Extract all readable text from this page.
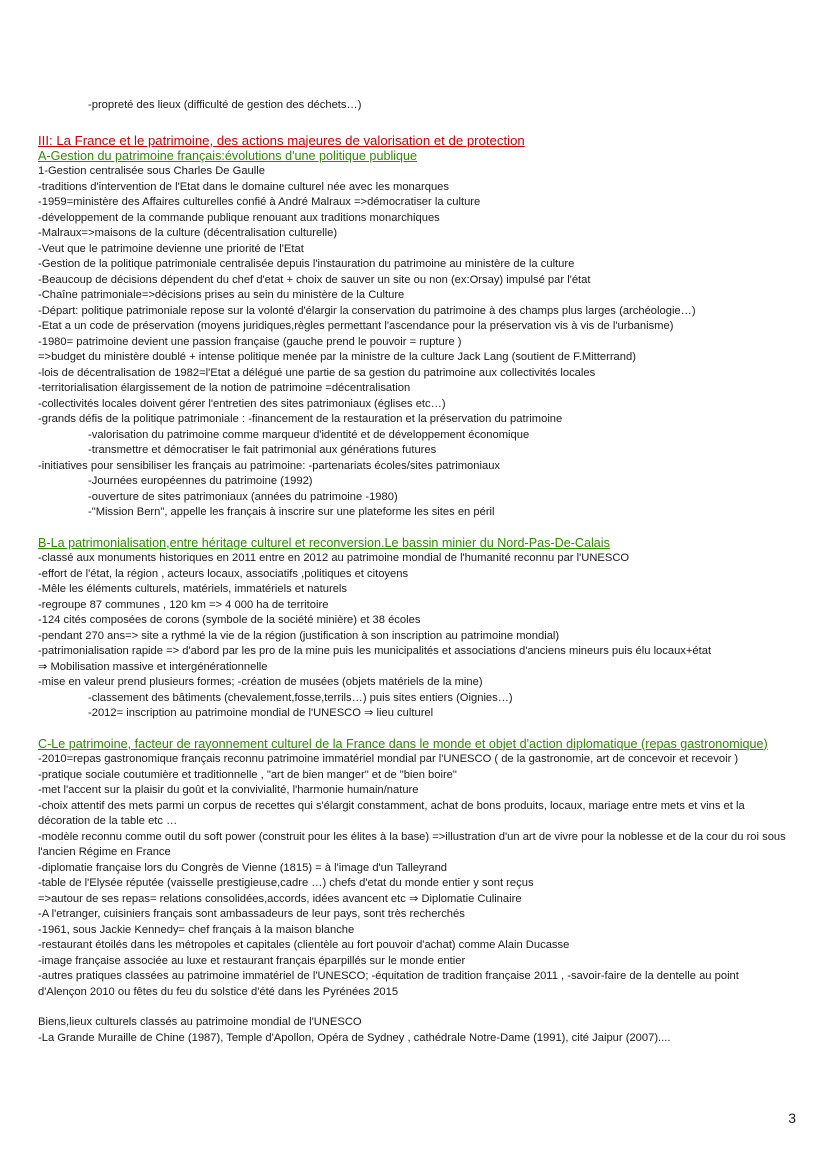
-propreté des lieux (difficulté de gestion des déchets…)
III: La France et le patrimoine, des actions majeures de valorisation et de protection
A-Gestion du patrimoine français:évolutions d'une politique publique
1-Gestion centralisée sous Charles De Gaulle
-traditions d'intervention de l'Etat dans le domaine culturel née avec les monarques
-1959=ministère des Affaires culturelles confié à André Malraux =>démocratiser la culture
-développement de la commande publique renouant aux traditions monarchiques
-Malraux=>maisons de la culture (décentralisation culturelle)
-Veut que le patrimoine devienne une priorité de l'Etat
-Gestion de la politique patrimoniale centralisée depuis l'instauration du patrimoine au ministère de la culture
-Beaucoup de décisions dépendent du chef d'etat + choix de sauver un site ou non (ex:Orsay) impulsé par l'état
-Chaîne patrimoniale=>décisions prises au sein du ministère de la Culture
-Départ: politique patrimoniale repose sur la volonté d'élargir la conservation du patrimoine à des champs plus larges (archéologie…)
-Etat a un code de préservation (moyens juridiques,règles permettant l'ascendance pour la préservation vis à vis de l'urbanisme)
-1980= patrimoine devient une passion française (gauche prend le pouvoir = rupture )
=>budget du ministère doublé + intense politique menée par la ministre de la culture Jack Lang (soutient de F.Mitterrand)
-lois de décentralisation de 1982=l'Etat a délégué une partie de sa gestion du patrimoine aux collectivités locales
-territorialisation élargissement de la notion de patrimoine =décentralisation
-collectivités locales doivent gérer l'entretien des sites patrimoniaux (églises etc…)
-grands défis de la politique patrimoniale : -financement de la restauration et la préservation du patrimoine
-valorisation du patrimoine comme marqueur d'identité et de développement économique
-transmettre et démocratiser le fait patrimonial aux générations futures
-initiatives pour sensibiliser les français au patrimoine: -partenariats écoles/sites patrimoniaux
-Journées européennes du patrimoine (1992)
-ouverture de sites patrimoniaux (années du patrimoine -1980)
-"Mission Bern", appelle les français à inscrire sur une plateforme les sites en péril
B-La patrimonialisation,entre héritage culturel et reconversion.Le bassin minier du Nord-Pas-De-Calais
-classé aux monuments historiques en 2011 entre en 2012 au patrimoine mondial de l'humanité reconnu par l'UNESCO
-effort de l'état, la région , acteurs locaux, associatifs ,politiques et citoyens
-Mêle les éléments culturels, matériels, immatériels et naturels
-regroupe 87 communes , 120 km => 4 000 ha de territoire
-124 cités composées de corons (symbole de la société minière) et 38 écoles
-pendant 270 ans=> site a rythmé la vie de la région (justification à son inscription au patrimoine mondial)
-patrimonialisation rapide => d'abord par les pro de la mine puis les municipalités et associations d'anciens mineurs puis élu locaux+état
⇒ Mobilisation massive et intergénérationnelle
-mise en valeur prend plusieurs formes; -création de musées (objets matériels de la mine)
-classement des bâtiments (chevalement,fosse,terrils…) puis sites entiers (Oignies…)
-2012= inscription au patrimoine mondial de l'UNESCO ⇒ lieu culturel
C-Le patrimoine, facteur de rayonnement culturel de la France dans le monde et objet d'action diplomatique (repas gastronomique)
-2010=repas gastronomique français reconnu patrimoine immatériel mondial par l'UNESCO ( de la gastronomie, art de concevoir et recevoir )
-pratique sociale coutumière et traditionnelle , "art de bien manger" et de "bien boire"
-met l'accent sur la plaisir du goût et la convivialité, l'harmonie humain/nature
-choix attentif des mets parmi un corpus de recettes qui s'élargit constamment, achat de bons produits, locaux, mariage entre mets et vins et la décoration de la table etc …
-modèle reconnu comme outil du soft power (construit pour les élites à la base) =>illustration d'un art de vivre pour la noblesse et de la cour du roi sous l'ancien Régime en France
-diplomatie française lors du Congrès de Vienne (1815) = à l'image d'un Talleyrand
-table de l'Elysée réputée (vaisselle prestigieuse,cadre …) chefs d'etat du monde entier y sont reçus
=>autour de ses repas= relations consolidées,accords, idées avancent etc ⇒ Diplomatie Culinaire
-A l'etranger, cuisiniers français sont ambassadeurs de leur pays, sont très recherchés
-1961, sous Jackie Kennedy= chef français à la maison blanche
-restaurant étoilés dans les métropoles et capitales (clientèle au fort pouvoir d'achat) comme Alain Ducasse
-image française associée au luxe et restaurant français éparpillés sur le monde entier
-autres pratiques classées au patrimoine immatériel de l'UNESCO; -équitation de tradition française 2011 , -savoir-faire de la dentelle au point d'Alençon 2010 ou fêtes du feu du solstice d'été dans les Pyrénées 2015
Biens,lieux culturels classés au patrimoine mondial de l'UNESCO
-La Grande Muraille de Chine (1987), Temple d'Apollon, Opéra de Sydney , cathédrale Notre-Dame (1991), cité Jaipur (2007)....
3
